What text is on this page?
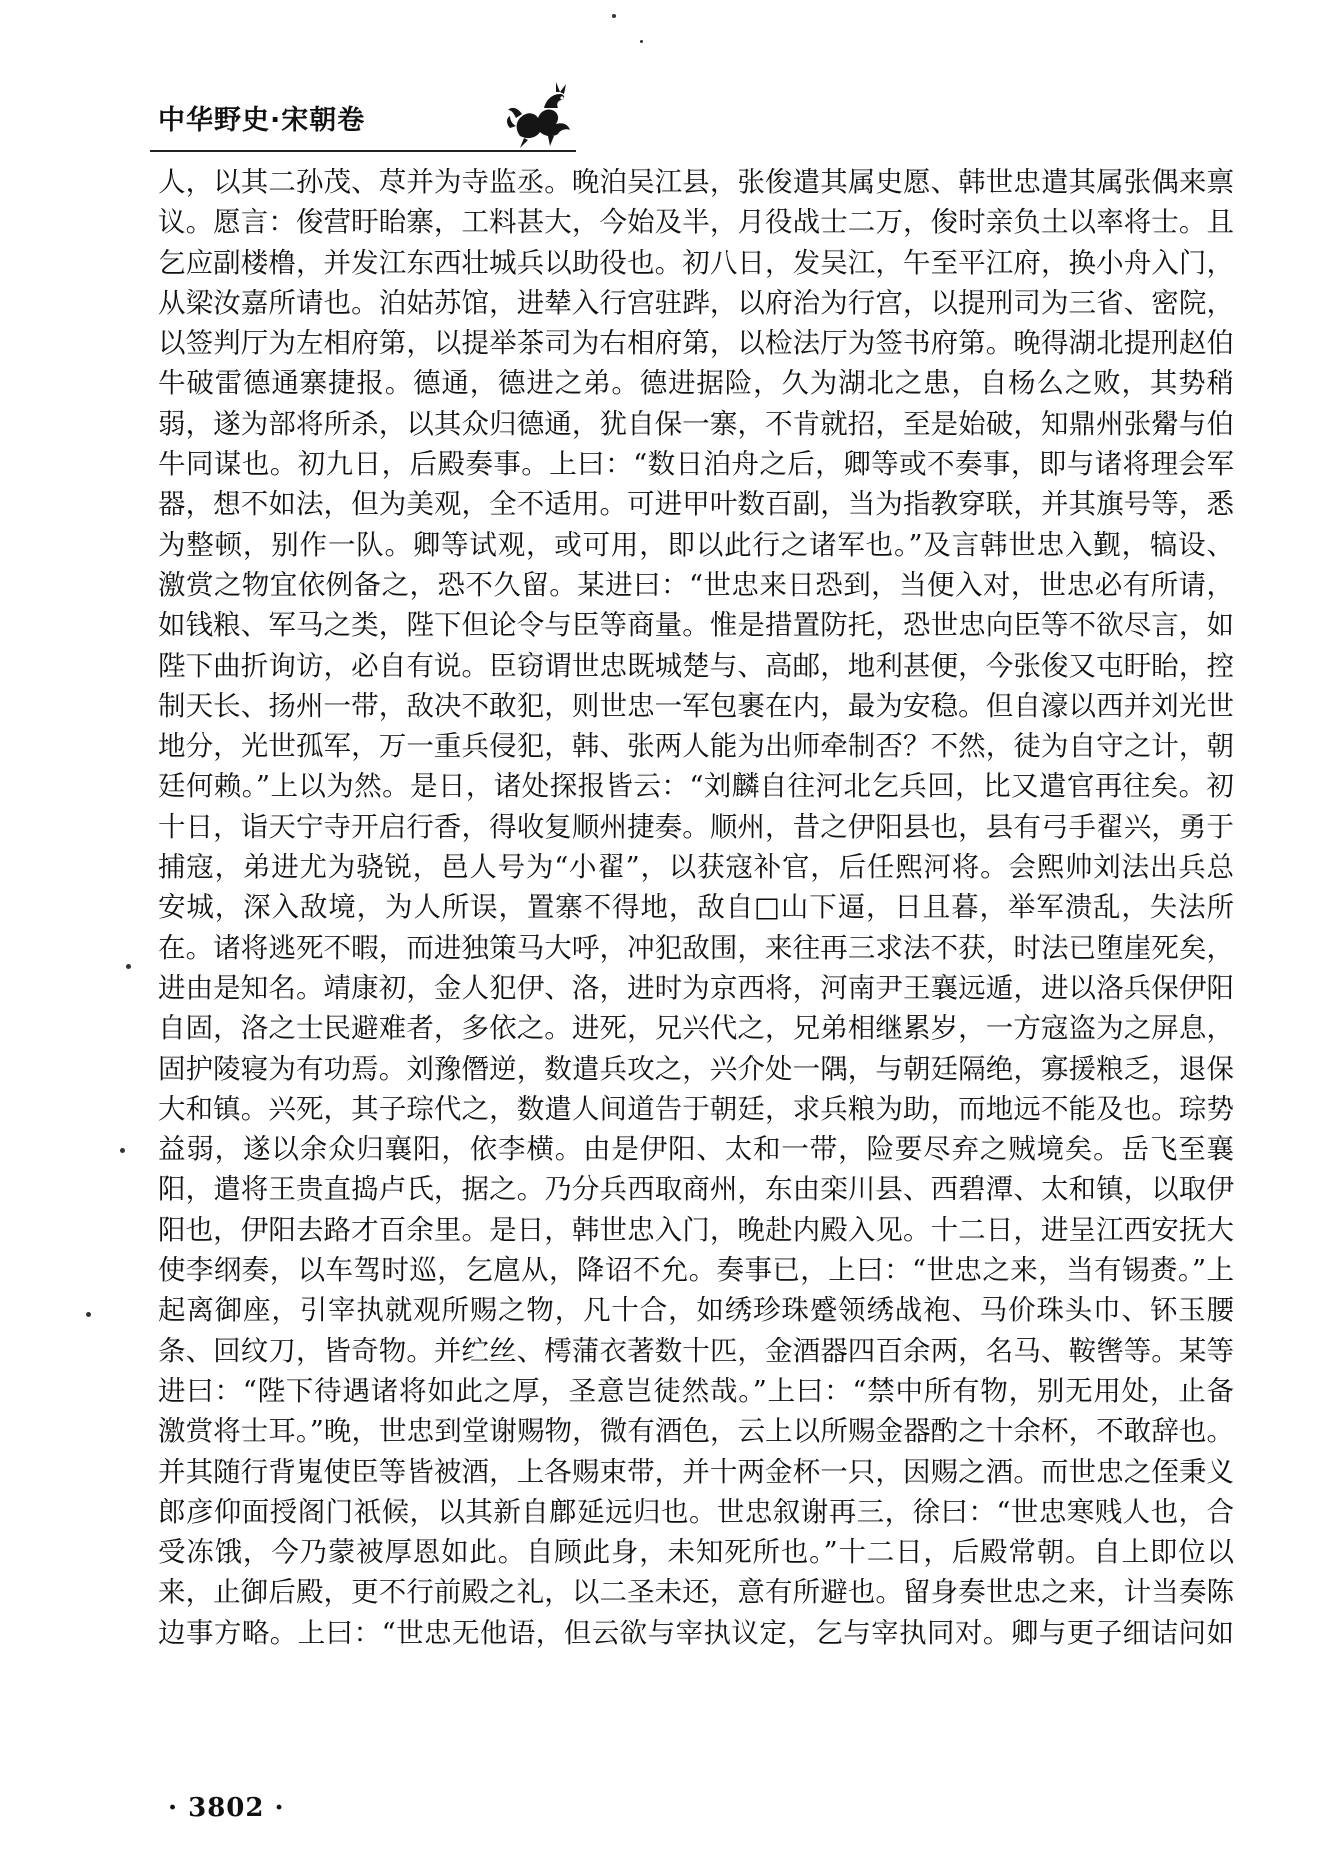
中华野史·宋朝卷
人，以其二孙茂、荩并为寺监丞。晚泊吴江县，张俊遣其属史愿、韩世忠遣其属张偶来禀
议。愿言：俊营盱眙寨，工料甚大，今始及半，月役战士二万，俊时亲负土以率将士。且
乞应副楼橹，并发江东西壮城兵以助役也。初八日，发吴江，午至平江府，换小舟入门，
从梁汝嘉所请也。泊姑苏馆，进辇入行宫驻跸，以府治为行宫，以提刑司为三省、密院，
以签判厅为左相府第，以提举茶司为右相府第，以检法厅为签书府第。晚得湖北提刑赵伯
牛破雷德通寨捷报。德通，德进之弟。德进据险，久为湖北之患，自杨么之败，其势稍
弱，遂为部将所杀，以其众归德通，犹自保一寨，不肯就招，至是始破，知鼎州张觷与伯
牛同谋也。初九日，后殿奏事。上曰：“数日泊舟之后，卿等或不奏事，即与诸将理会军
器，想不如法，但为美观，全不适用。可进甲叶数百副，当为指教穿联，并其旗号等，悉
为整顿，别作一队。卿等试观，或可用，即以此行之诸军也。”及言韩世忠入觐，犒设、
激赏之物宜依例备之，恐不久留。某进曰：“世忠来日恐到，当便入对，世忠必有所请，
如钱粮、军马之类，陛下但论令与臣等商量。惟是措置防托，恐世忠向臣等不欲尽言，如
陛下曲折询访，必自有说。臣窃谓世忠既城楚与、高邮，地利甚便，今张俊又屯盱眙，控
制天长、扬州一带，敌决不敢犯，则世忠一军包裹在内，最为安稳。但自濠以西并刘光世
地分，光世孤军，万一重兵侵犯，韩、张两人能为出师牵制否？不然，徒为自守之计，朝
廷何赖。”上以为然。是日，诸处探报皆云：“刘麟自往河北乞兵回，比又遣官再往矣。初
十日，诣天宁寺开启行香，得收复顺州捷奏。顺州，昔之伊阳县也，县有弓手翟兴，勇于
捕寇，弟进尤为骁锐，邑人号为“小翟”，以获寇补官，后任熙河将。会熙帅刘法出兵总
安城，深入敌境，为人所误，置寨不得地，敌自□山下逼，日且暮，举军溃乱，失法所
在。诸将逃死不暇，而进独策马大呼，冲犯敌围，来往再三求法不获，时法已堕崖死矣，
进由是知名。靖康初，金人犯伊、洛，进时为京西将，河南尹王襄远遁，进以洛兵保伊阳
自固，洛之士民避难者，多依之。进死，兄兴代之，兄弟相继累岁，一方寇盗为之屏息，
固护陵寝为有功焉。刘豫僭逆，数遣兵攻之，兴介处一隅，与朝廷隔绝，寡援粮乏，退保
大和镇。兴死，其子琮代之，数遣人间道告于朝廷，求兵粮为助，而地远不能及也。琮势
益弱，遂以余众归襄阳，依李横。由是伊阳、太和一带，险要尽弃之贼境矣。岳飞至襄
阳，遣将王贵直捣卢氏，据之。乃分兵西取商州，东由栾川县、西碧潭、太和镇，以取伊
阳也，伊阳去路才百余里。是日，韩世忠入门，晚赴内殿入见。十二日，进呈江西安抚大
使李纲奏，以车驾时巡，乞扈从，降诏不允。奏事已，上曰：“世忠之来，当有锡赉。”上
起离御座，引宰执就观所赐之物，凡十合，如绣珍珠蹙领绣战袍、马价珠头巾、钚玉腰
条、回纹刀，皆奇物。并纻丝、樗蒲衣著数十匹，金酒器四百余两，名马、鞍辔等。某等
进曰：“陛下待遇诸将如此之厚，圣意岂徒然哉。”上曰：“禁中所有物，别无用处，止备
激赏将士耳。”晚，世忠到堂谢赐物，微有酒色，云上以所赐金器酌之十余杯，不敢辞也。
并其随行背嵬使臣等皆被酒，上各赐束带，并十两金杯一只，因赐之酒。而世忠之侄秉义
郎彦仰面授阁门祇候，以其新自鄜延远归也。世忠叙谢再三，徐曰：“世忠寒贱人也，合
受冻饿，今乃蒙被厚恩如此。自顾此身，未知死所也。”十二日，后殿常朝。自上即位以
来，止御后殿，更不行前殿之礼，以二圣未还，意有所避也。留身奏世忠之来，计当奏陈
边事方略。上曰：“世忠无他语，但云欲与宰执议定，乞与宰执同对。卿与更子细诘问如
· 3802 ·
